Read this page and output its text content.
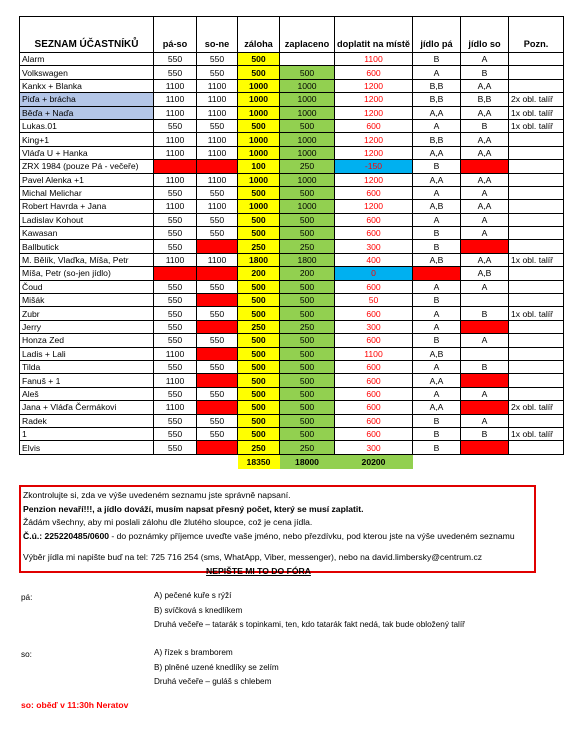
SEZNAM ÚČASTNÍKŮ	pá-so	so-ne	záloha	zaplaceno	doplatit na místě	jídlo pá	jídlo so	Pozn.
Alarm	550	550	500		1100	B	A	
Volkswagen	550	550	500	500	600	A	B	
Kankx + Blanka	1100	1100	1000	1000	1200	B,B	A,A	
Piďa + brácha	1100	1100	1000	1000	1200	B,B	B,B	2x obl. talíř
Běďa + Naďa	1100	1100	1000	1000	1200	A,A	A,A	1x obl. talíř
Lukas.01	550	550	500	500	600	A	B	1x obl. talíř
King+1	1100	1100	1000	1000	1200	B,B	A,A	
Vláďa U + Hanka	1100	1100	1000	1000	1200	A,A	A,A	
ZRX 1984 (pouze Pá - večeře)			100	250	-150	B		
Pavel Alenka +1	1100	1100	1000	1000	1200	A,A	A,A	
Michal Melichar	550	550	500	500	600	A	A	
Robert Havrda + Jana	1100	1100	1000	1000	1200	A,B	A,A	
Ladislav Kohout	550	550	500	500	600	A	A	
Kawasan	550	550	500	500	600	B	A	
Ballbutick	550		250	250	300	B		
M. Bělík, Vlaďka, Míša, Petr	1100	1100	1800	1800	400	A,B	A,A	1x obl. talíř
Míša, Petr (so-jen jídlo)			200	200	0		A,B	
Čoud	550	550	500	500	600	A	A	
Mišák	550		500	500	50	B		
Zubr	550	550	500	500	600	A	B	1x obl. talíř
Jerry	550		250	250	300	A		
Honza Zed	550	550	500	500	600	B	A	
Ladis + Lali	1100		500	500	1100	A,B		
Tilda	550	550	500	500	600	A	B	
Fanuš + 1	1100		500	500	600	A,A		
Aleš	550	550	500	500	600	A	A	
Jana + Vláďa Čermákovi	1100		500	500	600	A,A		2x obl. talíř
Radek	550	550	500	500	600	B	A	
1	550	550	500	500	600	B	B	1x obl. talíř
Elvis	550		250	250	300	B		
			18350	18000	20200			

Zkontrolujte si, zda ve výše uvedeném seznamu jste správně napsaní.

Penzion nevaří!!!, a jídlo dováží, musím napsat přesný počet, který se musí zaplatit.

Žádám všechny, aby mi poslali zálohu dle žlutého sloupce, což je cena jídla.

Č.ú.: 225220485/0600 - do poznámky příjemce uveďte vaše jméno, nebo přezdívku, pod kterou jste na výše uvedeném seznamu

Výběr jídla mi napište buď na tel: 725 716 254 (sms, WhatApp, Viber, messenger), nebo na david.limbersky@centrum.cz

NEPIŠTE MI TO DO FÓRA

pá:	A) pečené kuře s rýží
B) svíčková s knedlíkem
Druhá večeře – tatarák s topinkami, ten, kdo tatarák fakt nedá, tak bude obložený talíř
so:	A) řízek s bramborem
B) plněné uzené knedlíky se zelím
Druhá večeře – guláš s chlebem
so: oběď v 11:30h Neratov
